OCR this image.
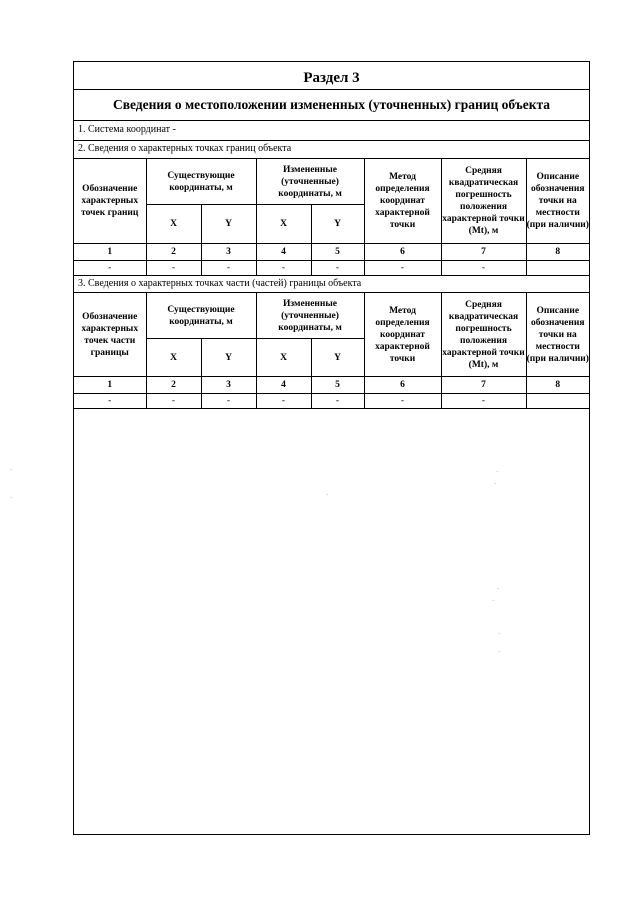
Раздел 3
Сведения о местоположении измененных (уточненных) границ объекта
1. Система координат -
2. Сведения о характерных точках границ объекта
Обозначение характерных точек границ	Существующие координаты, м		Измененные (уточненные) координаты, м		Метод определения координат характерной точки	Средняя квадратическая погрешность положения характерной точки (Mt), м	Описание обозначения точки на местности (при наличии)
	X	Y	X	Y			
1	2	3	4	5	6	7	8
-	-	-	-	-	-	-	
3. Сведения о характерных точках части (частей) границы объекта
Обозначение характерных точек части границы	Существующие координаты, м		Измененные (уточненные) координаты, м		Метод определения координат характерной точки	Средняя квадратическая погрешность положения характерной точки (Mt), м	Описание обозначения точки на местности (при наличии)
	X	Y	X	Y			
1	2	3	4	5	6	7	8
-	-	-	-	-	-	-	
·
·
·
·
·
·
·
·
·
